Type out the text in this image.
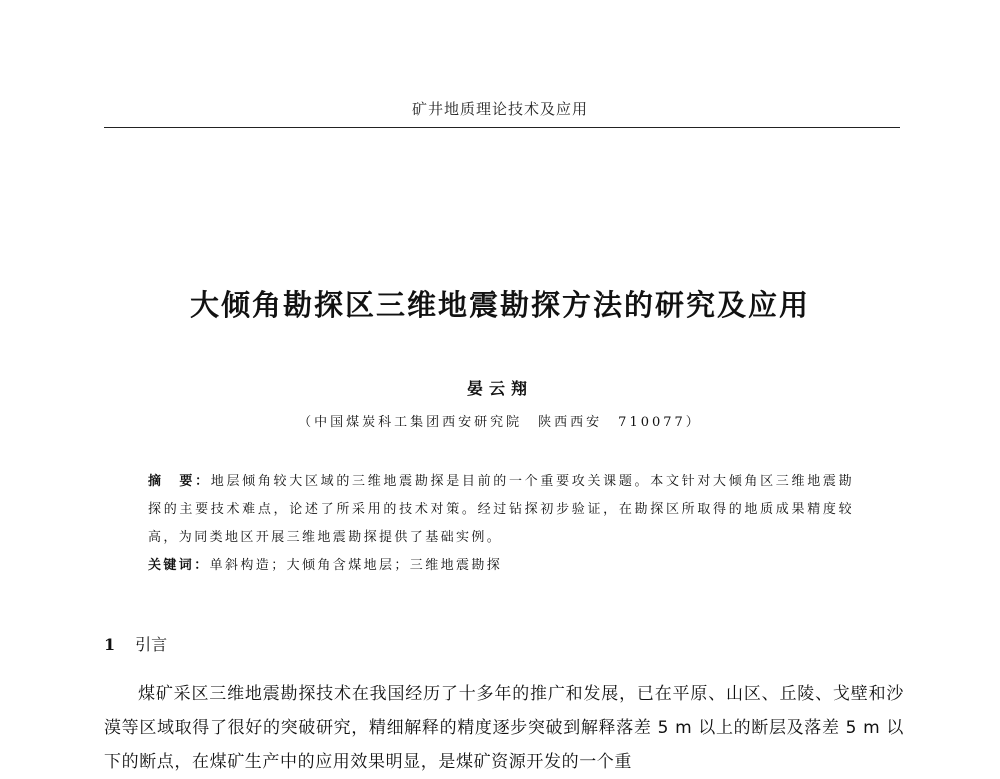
矿井地质理论技术及应用
大倾角勘探区三维地震勘探方法的研究及应用
晏云翔
（中国煤炭科工集团西安研究院　陕西西安　710077）
摘　要：地层倾角较大区域的三维地震勘探是目前的一个重要攻关课题。本文针对大倾角区三维地震勘探的主要技术难点，论述了所采用的技术对策。经过钻探初步验证，在勘探区所取得的地质成果精度较高，为同类地区开展三维地震勘探提供了基础实例。
关键词：单斜构造；大倾角含煤地层；三维地震勘探
1 引言
煤矿采区三维地震勘探技术在我国经历了十多年的推广和发展，已在平原、山区、丘陵、戈壁和沙漠等区域取得了很好的突破研究，精细解释的精度逐步突破到解释落差 5 m 以上的断层及落差 5 m 以下的断点，在煤矿生产中的应用效果明显，是煤矿资源开发的一个重
